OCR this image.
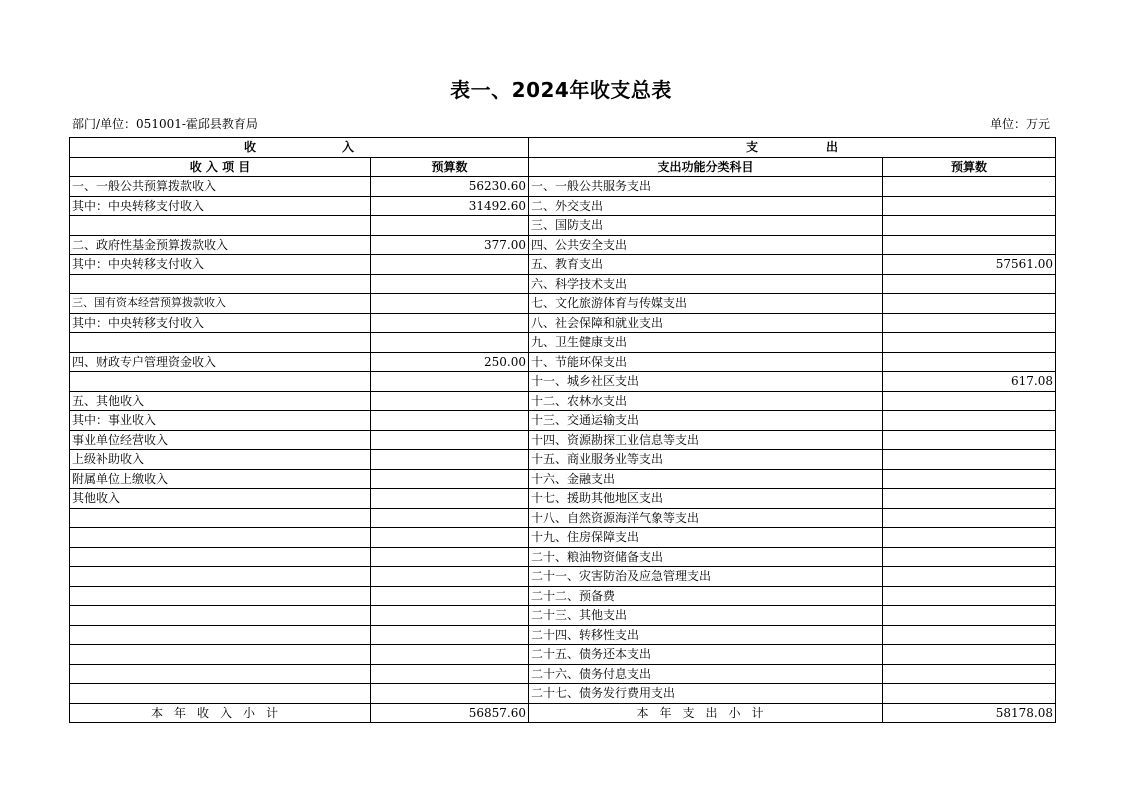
表一、2024年收支总表
部门/单位：051001-霍邱县教育局	单位：万元
收 入		支 出	
收 入 项 目	预算数	支出功能分类科目	预算数
一、一般公共预算拨款收入	56230.60	一、一般公共服务支出	
其中：中央转移支付收入	31492.60	二、外交支出	
		三、国防支出	
二、政府性基金预算拨款收入	377.00	四、公共安全支出	
其中：中央转移支付收入		五、教育支出	57561.00
		六、科学技术支出	
三、国有资本经营预算拨款收入		七、文化旅游体育与传媒支出	
其中：中央转移支付收入		八、社会保障和就业支出	
		九、卫生健康支出	
四、财政专户管理资金收入	250.00	十、节能环保支出	
		十一、城乡社区支出	617.08
五、其他收入		十二、农林水支出	
其中：事业收入		十三、交通运输支出	
事业单位经营收入		十四、资源勘探工业信息等支出	
上级补助收入		十五、商业服务业等支出	
附属单位上缴收入		十六、金融支出	
其他收入		十七、援助其他地区支出	
		十八、自然资源海洋气象等支出	
		十九、住房保障支出	
		二十、粮油物资储备支出	
		二十一、灾害防治及应急管理支出	
		二十二、预备费	
		二十三、其他支出	
		二十四、转移性支出	
		二十五、债务还本支出	
		二十六、债务付息支出	
		二十七、债务发行费用支出	
本年收入小计	56857.60	本年支出小计	58178.08
